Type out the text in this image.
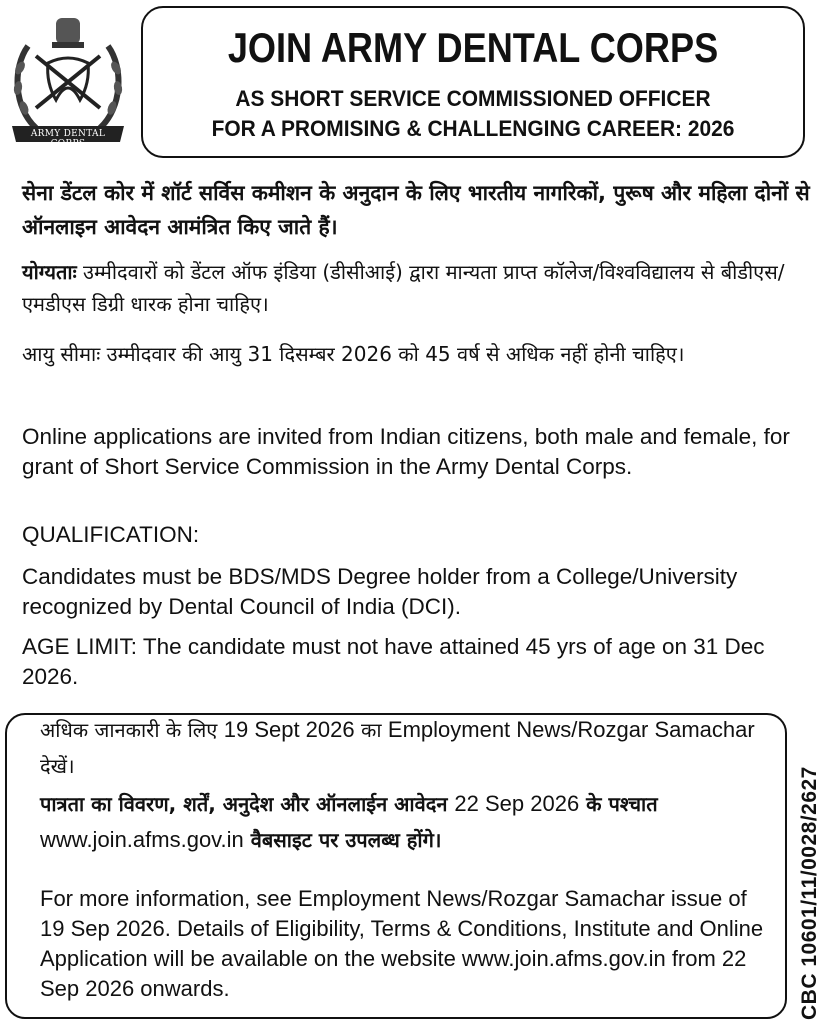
ARMY DENTAL CORPS
JOIN ARMY DENTAL CORPS
AS SHORT SERVICE COMMISSIONED OFFICER
FOR A PROMISING & CHALLENGING CAREER: 2026
सेना डेंटल कोर में शॉर्ट सर्विस कमीशन के अनुदान के लिए भारतीय नागरिकों, पुरूष और महिला दोनों से ऑनलाइन आवेदन आमंत्रित किए जाते हैं।
योग्यताः उम्मीदवारों को डेंटल ऑफ इंडिया (डीसीआई) द्वारा मान्यता प्राप्त कॉलेज/विश्वविद्यालय से बीडीएस/एमडीएस डिग्री धारक होना चाहिए।
आयु सीमाः उम्मीदवार की आयु 31 दिसम्बर 2026 को 45 वर्ष से अधिक नहीं होनी चाहिए।
Online applications are invited from Indian citizens, both male and female, for grant of Short Service Commission in the Army Dental Corps.
QUALIFICATION:
Candidates must be BDS/MDS Degree holder from a College/University recognized by Dental Council of India (DCI).
AGE LIMIT: The candidate must not have attained 45 yrs of age on 31 Dec 2026.
अधिक जानकारी के लिए 19 Sept 2026 का Employment News/Rozgar Samachar देखें।
पात्रता का विवरण, शर्तें, अनुदेश और ऑनलाईन आवेदन 22 Sep 2026 के पश्चात www.join.afms.gov.in वैबसाइट पर उपलब्ध होंगे।
For more information, see Employment News/Rozgar Samachar issue of 19 Sep 2026. Details of Eligibility, Terms & Conditions, Institute and Online Application will be available on the website www.join.afms.gov.in from 22 Sep 2026 onwards.	CBC 10601/11/0028/2627
